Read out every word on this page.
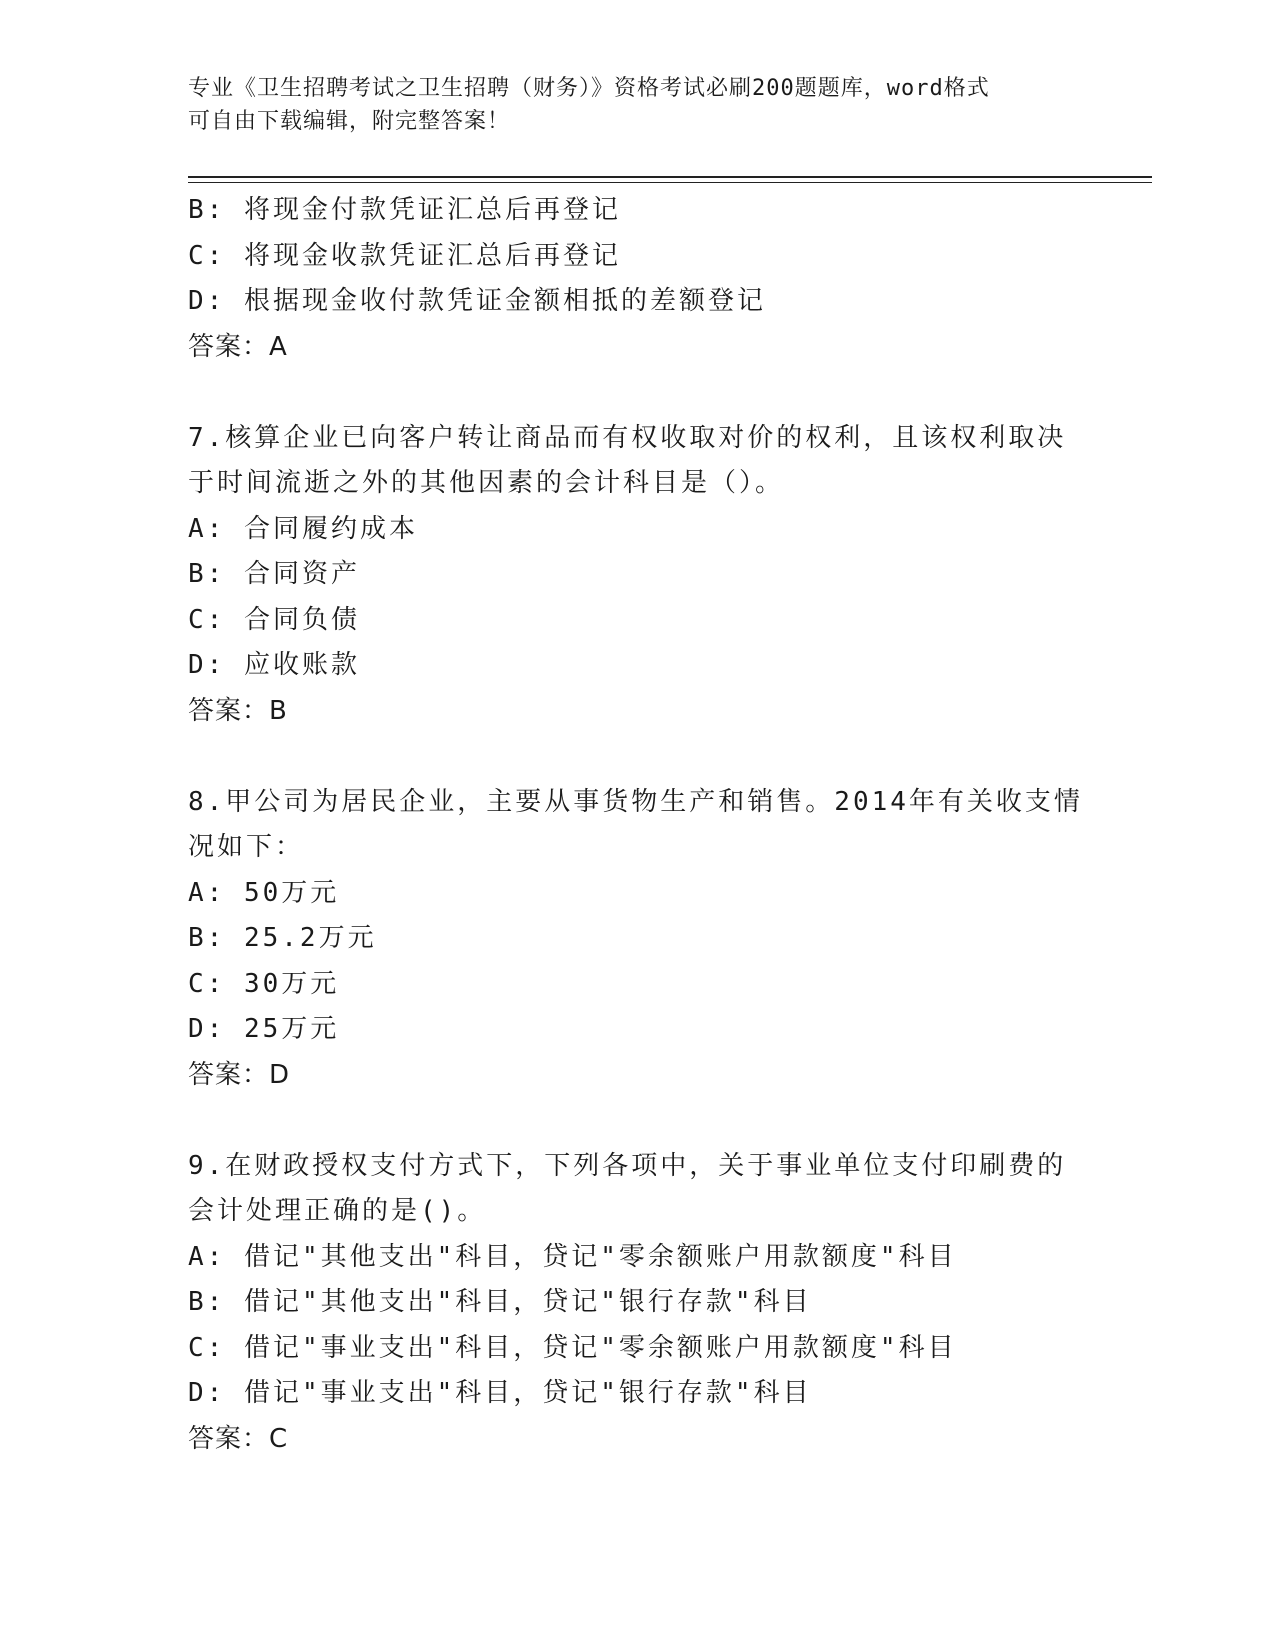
专业《卫生招聘考试之卫生招聘（财务）》资格考试必刷200题题库，word格式
可自由下载编辑，附完整答案！
B: 将现金付款凭证汇总后再登记
C: 将现金收款凭证汇总后再登记
D: 根据现金收付款凭证金额相抵的差额登记
答案：A
7.核算企业已向客户转让商品而有权收取对价的权利，且该权利取决
于时间流逝之外的其他因素的会计科目是（）。
A: 合同履约成本
B: 合同资产
C: 合同负债
D: 应收账款
答案：B
8.甲公司为居民企业，主要从事货物生产和销售。2014年有关收支情
况如下：
A: 50万元
B: 25.2万元
C: 30万元
D: 25万元
答案：D
9.在财政授权支付方式下，下列各项中，关于事业单位支付印刷费的
会计处理正确的是()。
A: 借记"其他支出"科目，贷记"零余额账户用款额度"科目
B: 借记"其他支出"科目，贷记"银行存款"科目
C: 借记"事业支出"科目，贷记"零余额账户用款额度"科目
D: 借记"事业支出"科目，贷记"银行存款"科目
答案：C
